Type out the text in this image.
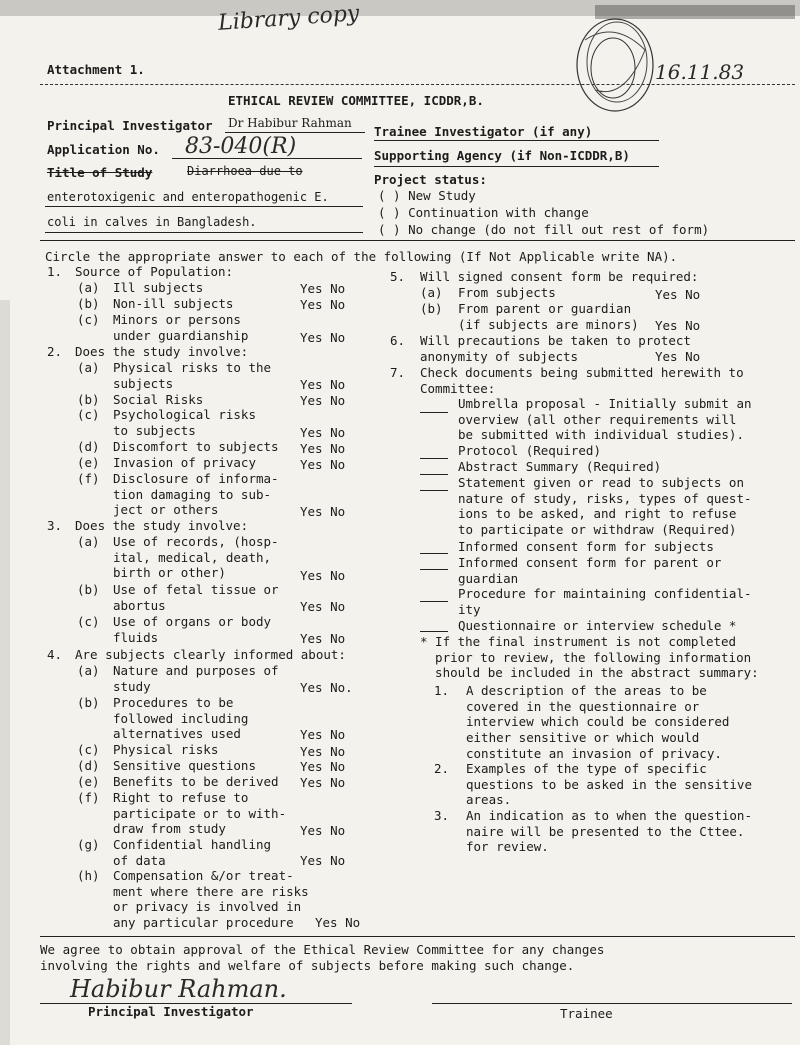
Library copy
Attachment 1.	16.11.83
ETHICAL REVIEW COMMITTEE, ICDDR,B.
Principal Investigator Dr Habibur Rahman
Trainee Investigator (if any)
Application No. 83-040(R)	Supporting Agency (if Non-ICDDR,B)
Title of Study	Diarrhoea due to
enterotoxigenic and enteropathogenic E.
coli in calves in Bangladesh.
Project status:
( ) New Study
( ) Continuation with change
( ) No change (do not fill out rest of form)
Circle the appropriate answer to each of the following (If Not Applicable write NA).
1. Source of Population:
(a) Ill subjects	Yes No
(b) Non-ill subjects	Yes No
(c) Minors or persons
under guardianship	Yes No
2. Does the study involve:
(a) Physical risks to the
subjects	Yes No
(b) Social Risks	Yes No
(c) Psychological risks
to subjects	Yes No
(d) Discomfort to subjects Yes No
(e) Invasion of privacy	Yes No
(f) Disclosure of informa-
tion damaging to sub-
ject or others	Yes No
3. Does the study involve:
(a) Use of records, (hosp-
ital, medical, death,
birth or other)	Yes No
(b) Use of fetal tissue or
abortus	Yes No
(c) Use of organs or body
fluids	Yes No
4. Are subjects clearly informed about:
(a) Nature and purposes of
study	Yes No.
(b) Procedures to be
followed including
alternatives used	Yes No
(c) Physical risks	Yes No
(d) Sensitive questions	Yes No
(e) Benefits to be derived Yes No
(f) Right to refuse to
participate or to with-
draw from study	Yes No
(g) Confidential handling
of data	Yes No
(h) Compensation &/or treat-
ment where there are risks
or privacy is involved in
any particular procedure	Yes No
5. Will signed consent form be required:
(a) From subjects	Yes No
(b) From parent or guardian
(if subjects are minors) Yes No
6. Will precautions be taken to protect
anonymity of subjects	Yes No
7. Check documents being submitted herewith to
Committee:
Umbrella proposal - Initially submit an
overview (all other requirements will
be submitted with individual studies).
Protocol (Required)
Abstract Summary (Required)
Statement given or read to subjects on
nature of study, risks, types of quest-
ions to be asked, and right to refuse
to participate or withdraw (Required)
Informed consent form for subjects
Informed consent form for parent or
guardian
Procedure for maintaining confidential-
ity
Questionnaire or interview schedule *
* If the final instrument is not completed
prior to review, the following information
should be included in the abstract summary:
1. A description of the areas to be
covered in the questionnaire or
interview which could be considered
either sensitive or which would
constitute an invasion of privacy.
2. Examples of the type of specific
questions to be asked in the sensitive
areas.
3. An indication as to when the question-
naire will be presented to the Cttee.
for review.
We agree to obtain approval of the Ethical Review Committee for any changes
involving the rights and welfare of subjects before making such change.
Habibur Rahman.
Principal Investigator	Trainee
